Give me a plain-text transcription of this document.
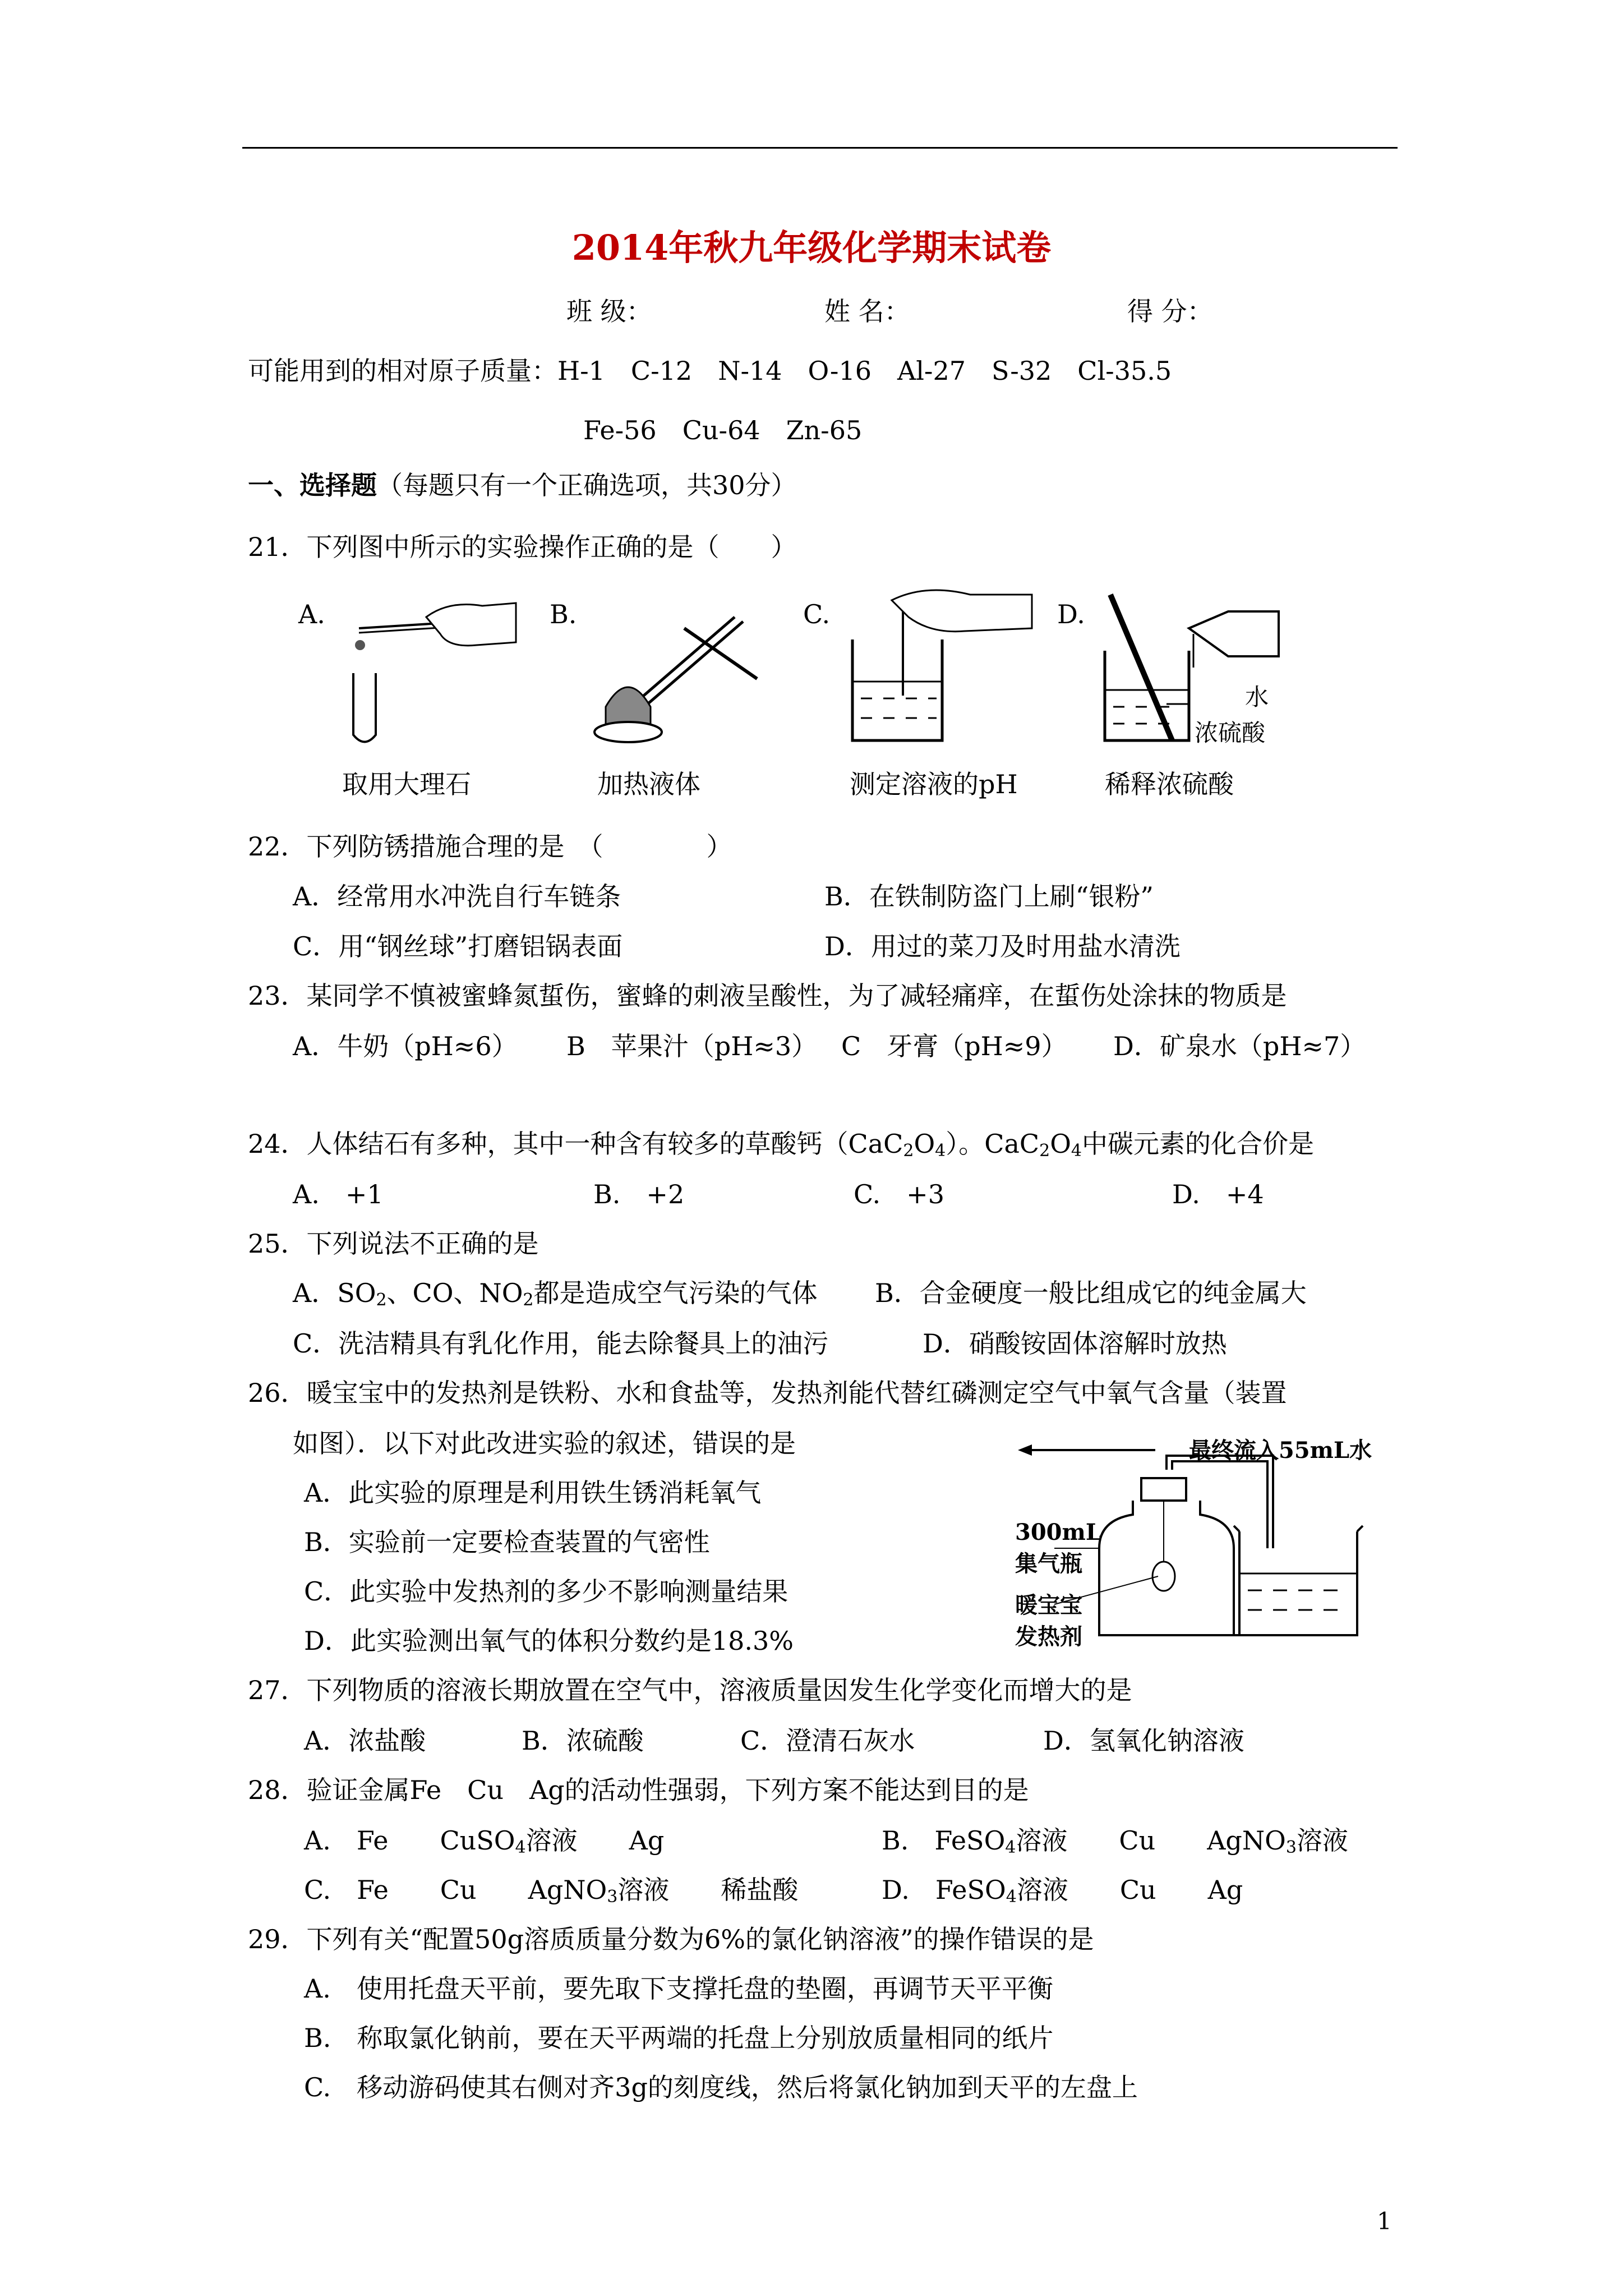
2014年秋九年级化学期末试卷
班 级：	姓 名：	得 分：
可能用到的相对原子质量：H-1　C-12　N-14　O-16　Al-27　S-32　Cl-35.5
Fe-56　Cu-64　Zn-65
一、选择题（每题只有一个正确选项，共30分）
21．下列图中所示的实验操作正确的是（　　）
A.	B.	C.	D.
水
浓硫酸
取用大理石	加热液体	测定溶液的pH	稀释浓硫酸
22．下列防锈措施合理的是　（　　　　）
A．经常用水冲洗自行车链条	B．在铁制防盗门上刷“银粉”
C．用“钢丝球”打磨铝锅表面	D．用过的菜刀及时用盐水清洗
23．某同学不慎被蜜蜂氮蜇伤，蜜蜂的刺液呈酸性，为了减轻痛痒，在蜇伤处涂抹的物质是
A．牛奶（pH≈6） B　苹果汁（pH≈3） C　牙膏（pH≈9） D．矿泉水（pH≈7）
24．人体结石有多种，其中一种含有较多的草酸钙$(CaC_2O_4)$。$CaC_2O_4$中碳元素的化合价是
A.　+1	B.　+2	C.　+3	D.　+4
25．下列说法不正确的是
A．$SO_2$、CO、$NO_2$都是造成空气污染的气体 B．合金硬度一般比组成它的纯金属大
C．洗洁精具有乳化作用，能去除餐具上的油污	D．硝酸铵固体溶解时放热
26．暖宝宝中的发热剂是铁粉、水和食盐等，发热剂能代替红磷测定空气中氧气含量（装置
如图）．以下对此改进实验的叙述，错误的是
A．此实验的原理是利用铁生锈消耗氧气
B．实验前一定要检查装置的气密性
C．此实验中发热剂的多少不影响测量结果
D．此实验测出氧气的体积分数约是18.3%
最终流入55mL水
300mL
集气瓶
暖宝宝
发热剂
27．下列物质的溶液长期放置在空气中，溶液质量因发生化学变化而增大的是
A．浓盐酸	B．浓硫酸	C．澄清石灰水	D．氢氧化钠溶液
28．验证金属Fe　Cu　Ag的活动性强弱，下列方案不能达到目的是
A.　Fe　　CuSO$_4$溶液　　Ag	B.　FeSO$_4$溶液　　Cu　　AgNO$_3$溶液
C.　Fe　　Cu　　AgNO$_3$溶液　　稀盐酸	D.　FeSO$_4$溶液　　Cu　　Ag
29．下列有关“配置50g溶质质量分数为6%的氯化钠溶液”的操作错误的是
A.　使用托盘天平前，要先取下支撑托盘的垫圈，再调节天平平衡
B.　称取氯化钠前，要在天平两端的托盘上分别放质量相同的纸片
C.　移动游码使其右侧对齐3g的刻度线，然后将氯化钠加到天平的左盘上
1
